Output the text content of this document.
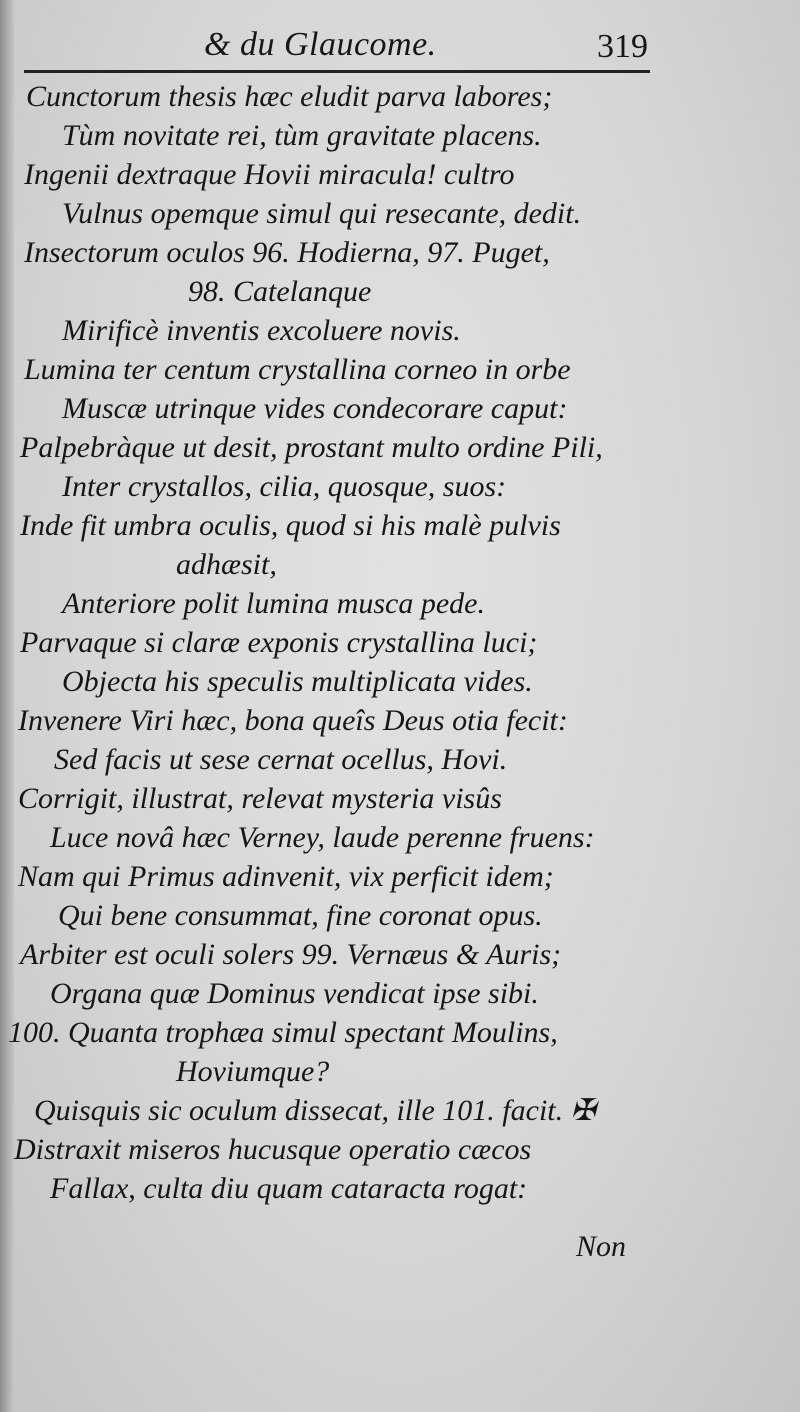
& du Glaucome.	319
Cunctorum thesis hæc eludit parva labores;
Tùm novitate rei, tùm gravitate placens.
Ingenii dextraque Hovii miracula! cultro
Vulnus opemque simul qui resecante, dedit.
Insectorum oculos 96. Hodierna, 97. Puget,
98. Catelanque
Mirificè inventis excoluere novis.
Lumina ter centum crystallina corneo in orbe
Muscæ utrinque vides condecorare caput:
Palpebràque ut desit, prostant multo ordine Pili,
Inter crystallos, cilia, quosque, suos:
Inde fit umbra oculis, quod si his malè pulvis
adhæsit,
Anteriore polit lumina musca pede.
Parvaque si claræ exponis crystallina luci;
Objecta his speculis multiplicata vides.
Invenere Viri hæc, bona queîs Deus otia fecit:
Sed facis ut sese cernat ocellus, Hovi.
Corrigit, illustrat, relevat mysteria visûs
Luce novâ hæc Verney, laude perenne fruens:
Nam qui Primus adinvenit, vix perficit idem;
Qui bene consummat, fine coronat opus.
Arbiter est oculi solers 99. Vernæus & Auris;
Organa quæ Dominus vendicat ipse sibi.
100. Quanta trophæa simul spectant Moulins,
Hoviumque?
Quisquis sic oculum dissecat, ille 101. facit. ✠
Distraxit miseros hucusque operatio cæcos
Fallax, culta diu quam cataracta rogat:
Non
